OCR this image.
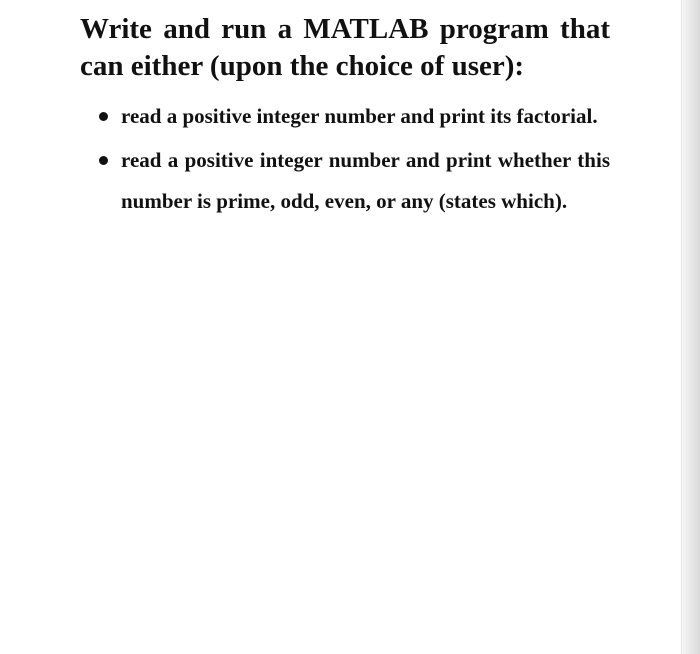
Write and run a MATLAB program that can either (upon the choice of user):

read a positive integer number and print its factorial.
read a positive integer number and print whether this number is prime, odd, even, or any (states which).
